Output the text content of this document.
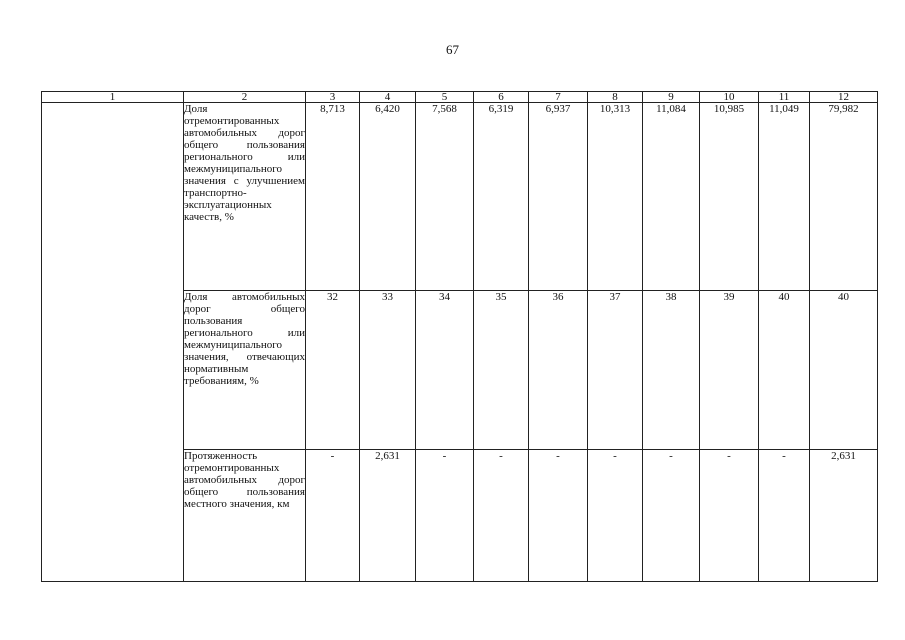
67
1	2	3	4	5	6	7	8	9	10	11	12
	Доля отремонтированных автомобильных дорог общего пользования регионального или межмуниципального значения с улучшением транспортно-эксплуатационных качеств, %	8,713	6,420	7,568	6,319	6,937	10,313	11,084	10,985	11,049	79,982
	Доля автомобильных дорог общего пользования регионального или межмуниципального значения, отвечающих нормативным требованиям, %	32	33	34	35	36	37	38	39	40	40
	Протяженность отремонтированных автомобильных дорог общего пользования местного значения, км	-	2,631	-	-	-	-	-	-	-	2,631
